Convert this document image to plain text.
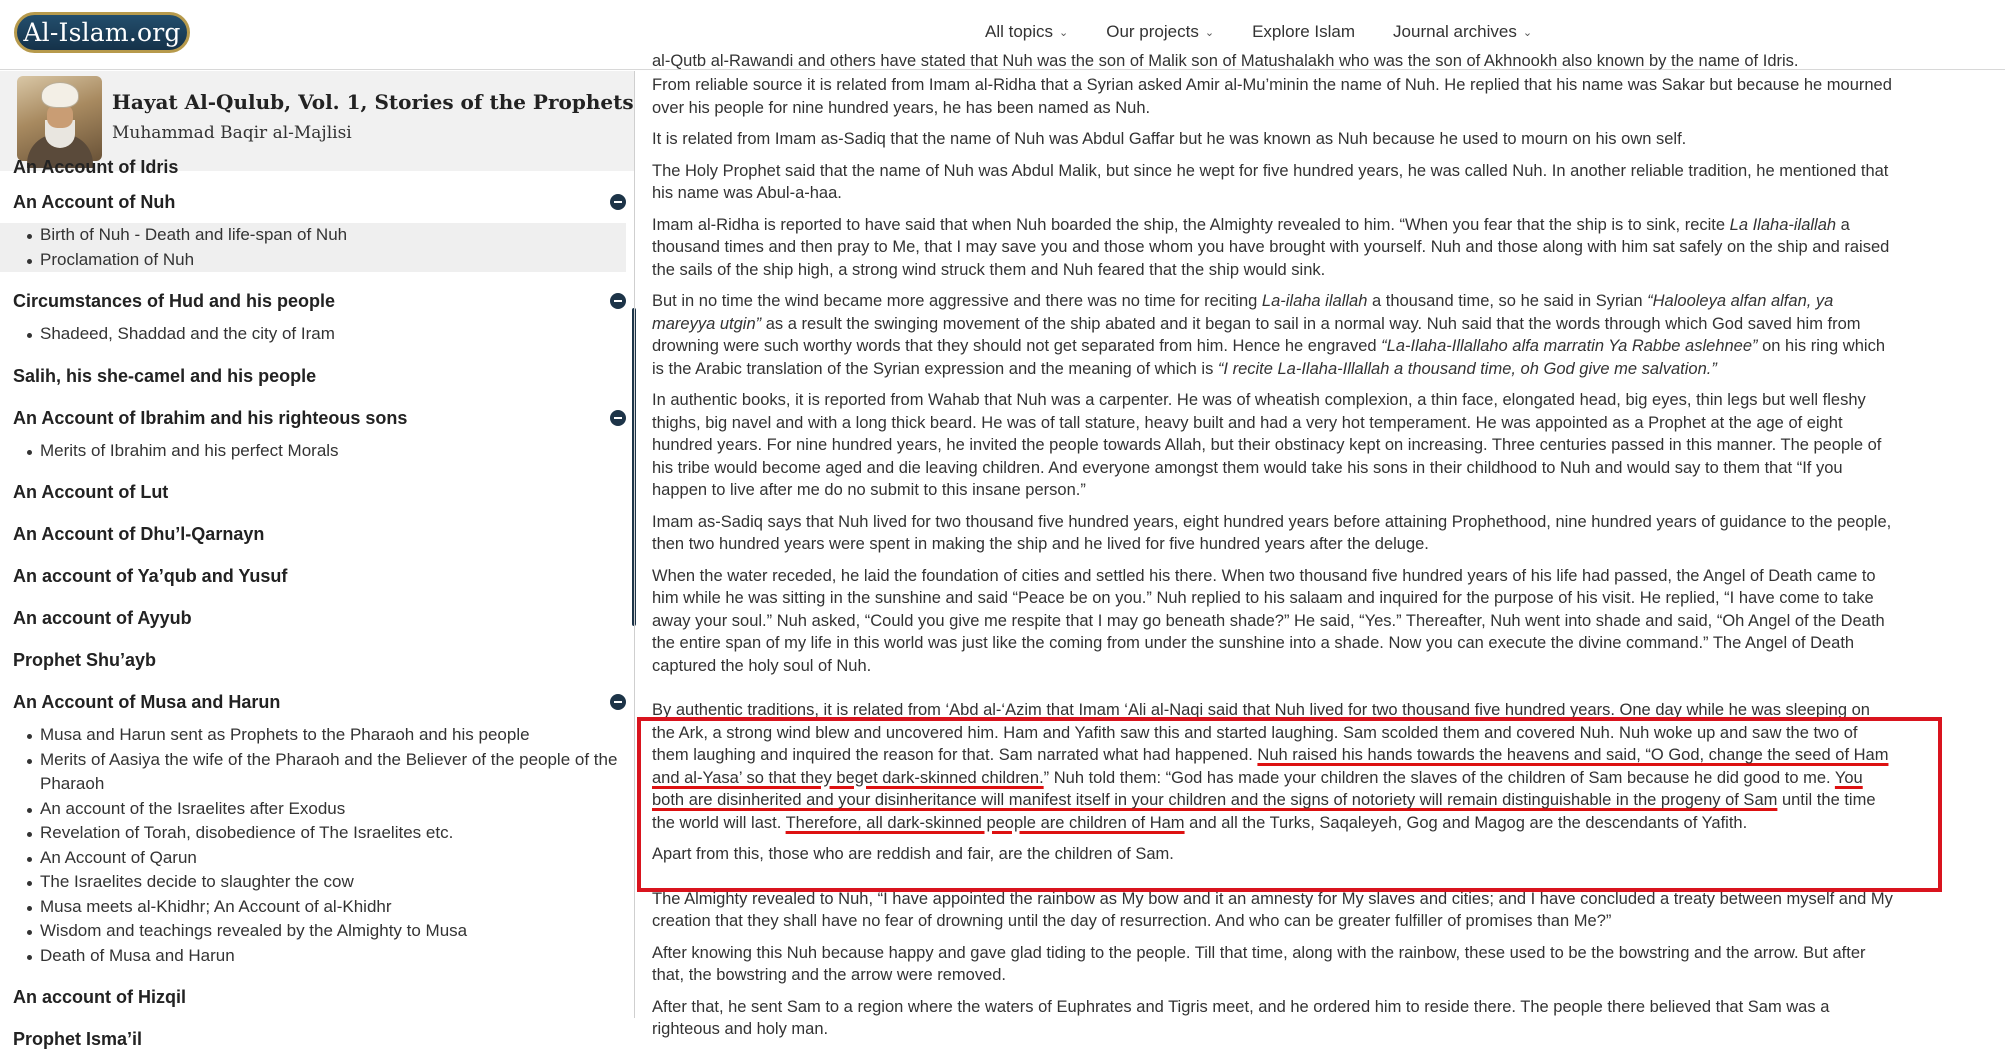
Al-Islam.org	All topics ⌄ Our projects ⌄ Explore Islam Journal archives ⌄
Hayat Al-Qulub, Vol. 1, Stories of the Prophets
Muhammad Baqir al-Majlisi
An Account of Idris
An Account of Nuh
Birth of Nuh - Death and life-span of Nuh
Proclamation of Nuh
Circumstances of Hud and his people
Shadeed, Shaddad and the city of Iram
Salih, his she-camel and his people
An Account of Ibrahim and his righteous sons
Merits of Ibrahim and his perfect Morals
An Account of Lut
An Account of Dhu’l-Qarnayn
An account of Ya’qub and Yusuf
An account of Ayyub
Prophet Shu’ayb
An Account of Musa and Harun
Musa and Harun sent as Prophets to the Pharaoh and his people
Merits of Aasiya the wife of the Pharaoh and the Believer of the people of the Pharaoh
An account of the Israelites after Exodus
Revelation of Torah, disobedience of The Israelites etc.
An Account of Qarun
The Israelites decide to slaughter the cow
Musa meets al-Khidhr; An Account of al-Khidhr
Wisdom and teachings revealed by the Almighty to Musa
Death of Musa and Harun
An account of Hizqil
Prophet Isma’il

al-Qutb al-Rawandi and others have stated that Nuh was the son of Malik son of Matushalakh who was the son of Akhnookh also known by the name of Idris.

From reliable source it is related from Imam al-Ridha that a Syrian asked Amir al-Mu’minin the name of Nuh. He replied that his name was Sakar but because he mourned over his people for nine hundred years, he has been named as Nuh.

It is related from Imam as-Sadiq that the name of Nuh was Abdul Gaffar but he was known as Nuh because he used to mourn on his own self.

The Holy Prophet said that the name of Nuh was Abdul Malik, but since he wept for five hundred years, he was called Nuh. In another reliable tradition, he mentioned that his name was Abul-a-haa.

Imam al-Ridha is reported to have said that when Nuh boarded the ship, the Almighty revealed to him. “When you fear that the ship is to sink, recite La Ilaha-ilallah a thousand times and then pray to Me, that I may save you and those whom you have brought with yourself. Nuh and those along with him sat safely on the ship and raised the sails of the ship high, a strong wind struck them and Nuh feared that the ship would sink.

But in no time the wind became more aggressive and there was no time for reciting La-ilaha ilallah a thousand time, so he said in Syrian “Halooleya alfan alfan, ya mareyya utgin” as a result the swinging movement of the ship abated and it began to sail in a normal way. Nuh said that the words through which God saved him from drowning were such worthy words that they should not get separated from him. Hence he engraved “La-Ilaha-Illallaho alfa marratin Ya Rabbe aslehnee” on his ring which is the Arabic translation of the Syrian expression and the meaning of which is “I recite La-Ilaha-Illallah a thousand time, oh God give me salvation.”

In authentic books, it is reported from Wahab that Nuh was a carpenter. He was of wheatish complexion, a thin face, elongated head, big eyes, thin legs but well fleshy thighs, big navel and with a long thick beard. He was of tall stature, heavy built and had a very hot temperament. He was appointed as a Prophet at the age of eight hundred years. For nine hundred years, he invited the people towards Allah, but their obstinacy kept on increasing. Three centuries passed in this manner. The people of his tribe would become aged and die leaving children. And everyone amongst them would take his sons in their childhood to Nuh and would say to them that “If you happen to live after me do no submit to this insane person.”

Imam as-Sadiq says that Nuh lived for two thousand five hundred years, eight hundred years before attaining Prophethood, nine hundred years of guidance to the people, then two hundred years were spent in making the ship and he lived for five hundred years after the deluge.

When the water receded, he laid the foundation of cities and settled his there. When two thousand five hundred years of his life had passed, the Angel of Death came to him while he was sitting in the sunshine and said “Peace be on you.” Nuh replied to his salaam and inquired for the purpose of his visit. He replied, “I have come to take away your soul.” Nuh asked, “Could you give me respite that I may go beneath shade?” He said, “Yes.” Thereafter, Nuh went into shade and said, “Oh Angel of the Death the entire span of my life in this world was just like the coming from under the sunshine into a shade. Now you can execute the divine command.” The Angel of Death captured the holy soul of Nuh.

By authentic traditions, it is related from ‘Abd al-‘Azim that Imam ‘Ali al-Naqi said that Nuh lived for two thousand five hundred years. One day while he was sleeping on the Ark, a strong wind blew and uncovered him. Ham and Yafith saw this and started laughing. Sam scolded them and covered Nuh. Nuh woke up and saw the two of them laughing and inquired the reason for that. Sam narrated what had happened. Nuh raised his hands towards the heavens and said, “O God, change the seed of Ham and al-Yasa’ so that they beget dark-skinned children.” Nuh told them: “God has made your children the slaves of the children of Sam because he did good to me. You both are disinherited and your disinheritance will manifest itself in your children and the signs of notoriety will remain distinguishable in the progeny of Sam until the time the world will last. Therefore, all dark-skinned people are children of Ham and all the Turks, Saqaleyeh, Gog and Magog are the descendants of Yafith.

Apart from this, those who are reddish and fair, are the children of Sam.

The Almighty revealed to Nuh, “I have appointed the rainbow as My bow and it an amnesty for My slaves and cities; and I have concluded a treaty between myself and My creation that they shall have no fear of drowning until the day of resurrection. And who can be greater fulfiller of promises than Me?”

After knowing this Nuh because happy and gave glad tiding to the people. Till that time, along with the rainbow, these used to be the bowstring and the arrow. But after that, the bowstring and the arrow were removed.

After that, he sent Sam to a region where the waters of Euphrates and Tigris meet, and he ordered him to reside there. The people there believed that Sam was a righteous and holy man.
